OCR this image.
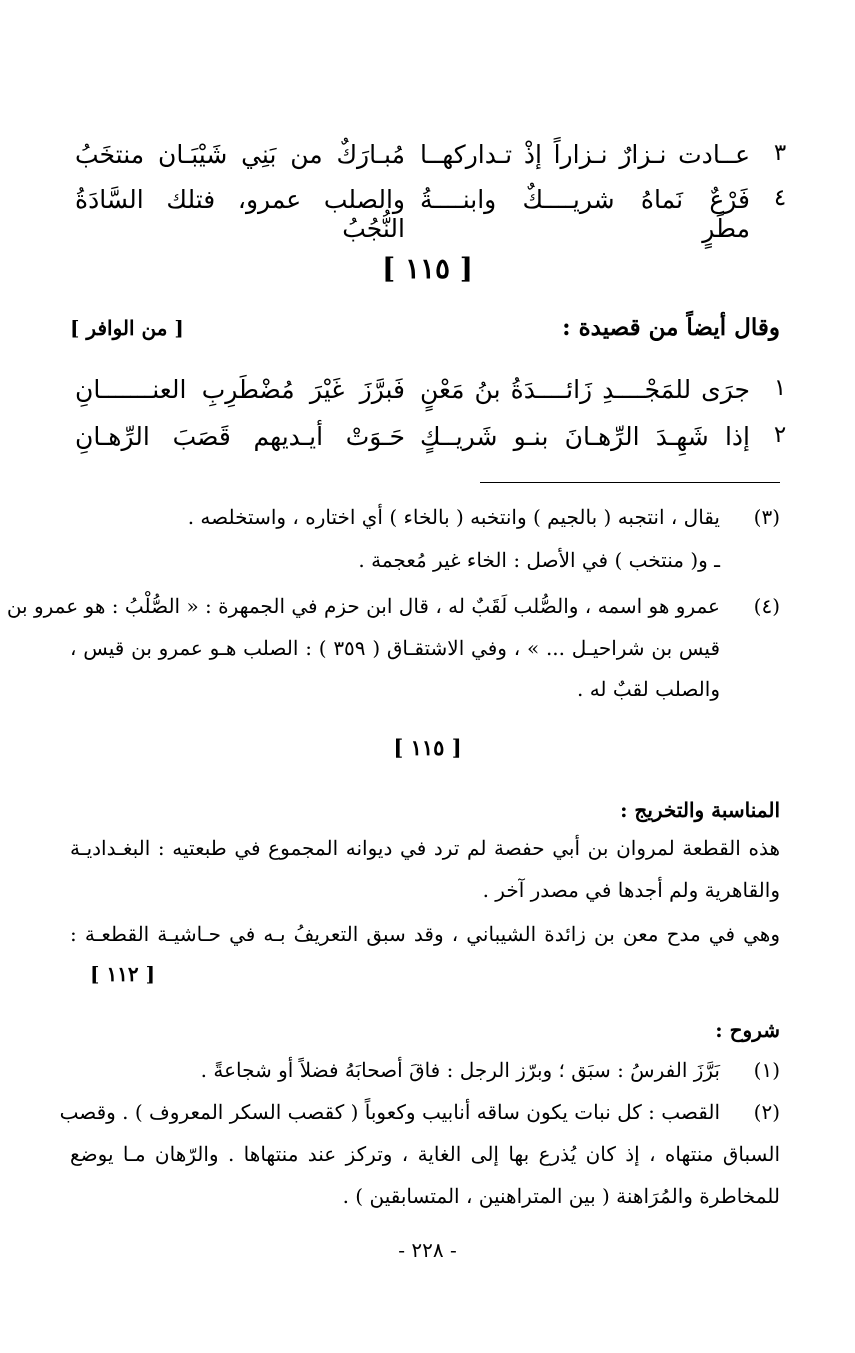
٣
عــادت نـزارٌ نـزاراً إذْ تـداركهــا
مُبـارَكٌ من بَنِي شَيْبَـان منتخَبُ
٤
فَرْعٌ نَماهُ شريــــكٌ وابنــــةُ مطَرٍ
والصلب عمرو، فتلك السَّادَةُ النُّجُبُ
[ ١١٥ ]
وقال أيضاً من قصيدة :
[ من الوافر ]
١
جرَى للمَجْــــدِ زَائــــدَةُ بنُ مَعْنٍ
فَبرَّزَ غَيْرَ مُضْطَرِبِ العنـــــــانِ
٢
إذا شَهِـدَ الرِّهـانَ بنـو شَريــكٍ
حَـوَتْ أيـديهم قَصَبَ الرِّهـانِ
(٣)
يقال ، انتجبه ( بالجيم ) وانتخبه ( بالخاء ) أي اختاره ، واستخلصه .
ـ و( منتخب ) في الأصل : الخاء غير مُعجمة .
(٤)
عمرو هو اسمه ، والصُّلب لَقَبٌ له ، قال ابن حزم في الجمهرة : « الصُّلْبُ : هو عمرو بن
قيس بن شراحيـل ... » ، وفي الاشتقـاق ( ٣٥٩ ) : الصلب هـو عمرو بن قيس ،
والصلب لقبٌ له .
[ ١١٥ ]
المناسبة والتخريج :
هذه القطعة لمروان بن أبي حفصة لم ترد في ديوانه المجموع في طبعتيه : البغـداديـة
والقاهرية ولم أجدها في مصدر آخر .
وهي في مدح معن بن زائدة الشيباني ، وقد سبق التعريفُ بـه في حـاشيـة القطعـة :
[ ١١٢ ]
شروح :
(١)
بَرَّزَ الفرسُ : سبَق ؛ وبرّز الرجل : فاقَ أصحابَهُ فضلاً أو شجاعةً .
(٢)
القصب : كل نبات يكون ساقه أنابيب وكعوباً ( كقصب السكر المعروف ) . وقصب
السباق منتهاه ، إذ كان يُذرع بها إلى الغاية ، وتركز عند منتهاها . والرّهان مـا يوضع
للمخاطرة والمُرَاهنة ( بين المتراهنين ، المتسابقين ) .
- ٢٢٨ -
